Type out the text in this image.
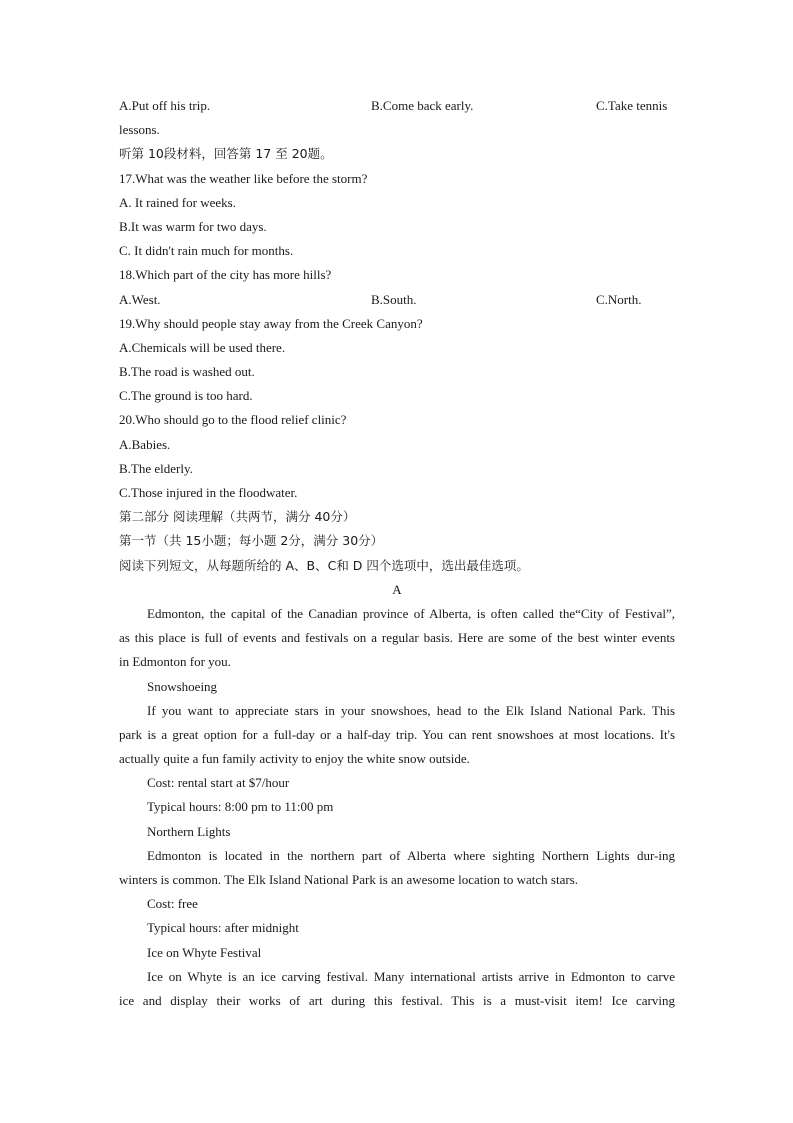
A.Put off his trip.	B.Come back early.	C.Take tennis
lessons.
听第 10段材料，回答第 17 至 20题。
17.What was the weather like before the storm?
A. It rained for weeks.
B.It was warm for two days.
C. It didn't rain much for months.
18.Which part of the city has more hills?
A.West.	B.South.	C.North.
19.Why should people stay away from the Creek Canyon?
A.Chemicals will be used there.
B.The road is washed out.
C.The ground is too hard.
20.Who should go to the flood relief clinic?
A.Babies.
B.The elderly.
C.Those injured in the floodwater.
第二部分 阅读理解（共两节，满分 40分）
第一节（共 15小题；每小题 2分，满分 30分）
阅读下列短文，从每题所给的 A、B、C和 D 四个选项中，选出最佳选项。
A
Edmonton, the capital of the Canadian province of Alberta, is often called the“City of Festival”,
as this place is full of events and festivals on a regular basis. Here are some of the best winter events
in Edmonton for you.
Snowshoeing
If you want to appreciate stars in your snowshoes, head to the Elk Island National Park. This
park is a great option for a full-day or a half-day trip. You can rent snowshoes at most locations. It's
actually quite a fun family activity to enjoy the white snow outside.
Cost: rental start at $7/hour
Typical hours: 8:00 pm to 11:00 pm
Northern Lights
Edmonton is located in the northern part of Alberta where sighting Northern Lights dur-ing
winters is common. The Elk Island National Park is an awesome location to watch stars.
Cost: free
Typical hours: after midnight
Ice on Whyte Festival
Ice on Whyte is an ice carving festival. Many international artists arrive in Edmonton to carve
ice and display their works of art during this festival. This is a must-visit item! Ice carving
